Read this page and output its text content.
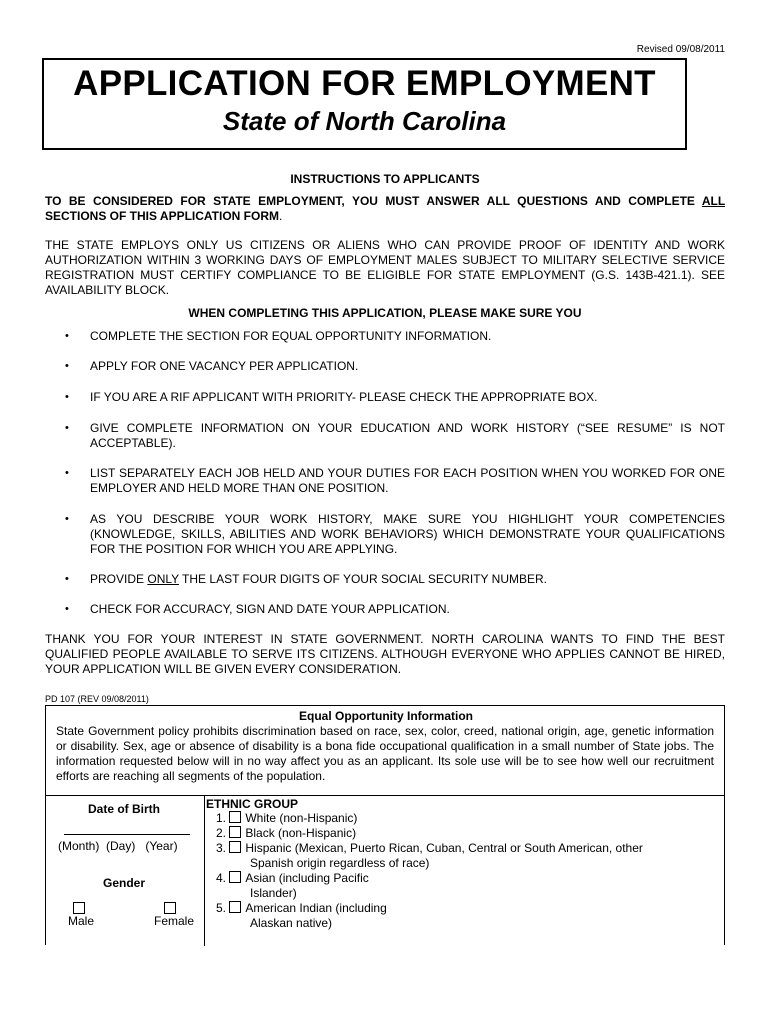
Revised 09/08/2011
APPLICATION FOR EMPLOYMENT
State of North Carolina
INSTRUCTIONS TO APPLICANTS
TO BE CONSIDERED FOR STATE EMPLOYMENT, YOU MUST ANSWER ALL QUESTIONS AND COMPLETE ALL SECTIONS OF THIS APPLICATION FORM.
THE STATE EMPLOYS ONLY US CITIZENS OR ALIENS WHO CAN PROVIDE PROOF OF IDENTITY AND WORK AUTHORIZATION WITHIN 3 WORKING DAYS OF EMPLOYMENT MALES SUBJECT TO MILITARY SELECTIVE SERVICE REGISTRATION MUST CERTIFY COMPLIANCE TO BE ELIGIBLE FOR STATE EMPLOYMENT (G.S. 143B-421.1). SEE AVAILABILITY BLOCK.
WHEN COMPLETING THIS APPLICATION, PLEASE MAKE SURE YOU
• COMPLETE THE SECTION FOR EQUAL OPPORTUNITY INFORMATION.
• APPLY FOR ONE VACANCY PER APPLICATION.
• IF YOU ARE A RIF APPLICANT WITH PRIORITY- PLEASE CHECK THE APPROPRIATE BOX.
• GIVE COMPLETE INFORMATION ON YOUR EDUCATION AND WORK HISTORY (“SEE RESUME” IS NOT ACCEPTABLE).
• LIST SEPARATELY EACH JOB HELD AND YOUR DUTIES FOR EACH POSITION WHEN YOU WORKED FOR ONE EMPLOYER AND HELD MORE THAN ONE POSITION.
• AS YOU DESCRIBE YOUR WORK HISTORY, MAKE SURE YOU HIGHLIGHT YOUR COMPETENCIES (KNOWLEDGE, SKILLS, ABILITIES AND WORK BEHAVIORS) WHICH DEMONSTRATE YOUR QUALIFICATIONS FOR THE POSITION FOR WHICH YOU ARE APPLYING.
• PROVIDE ONLY THE LAST FOUR DIGITS OF YOUR SOCIAL SECURITY NUMBER.
• CHECK FOR ACCURACY, SIGN AND DATE YOUR APPLICATION.
THANK YOU FOR YOUR INTEREST IN STATE GOVERNMENT. NORTH CAROLINA WANTS TO FIND THE BEST QUALIFIED PEOPLE AVAILABLE TO SERVE ITS CITIZENS. ALTHOUGH EVERYONE WHO APPLIES CANNOT BE HIRED, YOUR APPLICATION WILL BE GIVEN EVERY CONSIDERATION.
PD 107 (REV 09/08/2011)
Equal Opportunity Information
State Government policy prohibits discrimination based on race, sex, color, creed, national origin, age, genetic information or disability. Sex, age or absence of disability is a bona fide occupational qualification in a small number of State jobs. The information requested below will in no way affect you as an applicant. Its sole use will be to see how well our recruitment efforts are reaching all segments of the population.
Date of Birth
(Month)  (Day)   (Year)
Gender
Male	Female
ETHNIC GROUP
1. White (non-Hispanic)
2. Black (non-Hispanic)
3. Hispanic (Mexican, Puerto Rican, Cuban, Central or South American, other
Spanish origin regardless of race)
4. Asian (including Pacific
Islander)
5. American Indian (including
Alaskan native)
